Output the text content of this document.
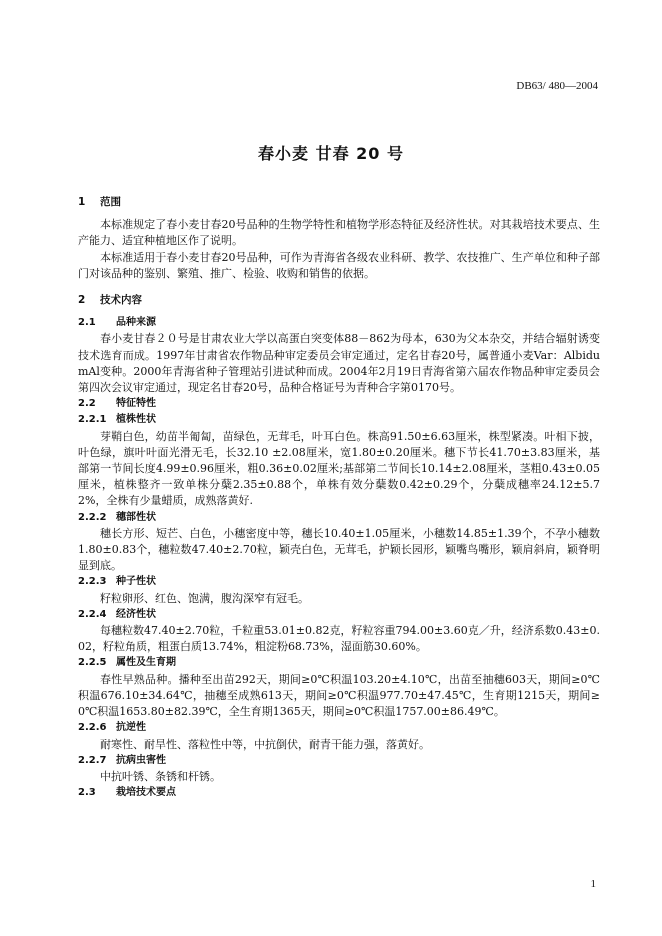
DB63/ 480—2004
春小麦 甘春 20 号

1 范围

本标准规定了春小麦甘春20号品种的生物学特性和植物学形态特征及经济性状。对其栽培技术要点、生产能力、适宜种植地区作了说明。

本标准适用于春小麦甘春20号品种，可作为青海省各级农业科研、教学、农技推广、生产单位和种子部门对该品种的鉴别、繁殖、推广、检验、收购和销售的依据。

2 技术内容

2.1 品种来源

春小麦甘春２０号是甘肃农业大学以高蛋白突变体88－862为母本，630为父本杂交，并结合辐射诱变技术选育而成。1997年甘肃省农作物品种审定委员会审定通过，定名甘春20号，属普通小麦Var：AlbidumAl变种。2000年青海省种子管理站引进试种而成。2004年2月19日青海省第六届农作物品种审定委员会第四次会议审定通过，现定名甘春20号，品种合格证号为青种合字第0170号。

2.2 特征特性

2.2.1 植株性状

芽鞘白色，幼苗半匍匐，苗绿色，无茸毛，叶耳白色。株高91.50±6.63厘米，株型紧凑。叶相下披，叶色绿，旗叶叶面光滑无毛，长32.10 ±2.08厘米，宽1.80±0.20厘米。穗下节长41.70±3.83厘米，基部第一节间长度4.99±0.96厘米，粗0.36±0.02厘米;基部第二节间长10.14±2.08厘米，茎粗0.43±0.05厘米，植株整齐一致单株分蘖2.35±0.88个，单株有效分蘖数0.42±0.29个，分蘖成穗率24.12±5.72%，全株有少量蜡质，成熟落黄好.

2.2.2 穗部性状

穗长方形、短芒、白色，小穗密度中等，穗长10.40±1.05厘米，小穗数14.85±1.39个，不孕小穗数1.80±0.83个，穗粒数47.40±2.70粒，颖壳白色，无茸毛，护颖长园形，颖嘴鸟嘴形，颖肩斜肩，颖脊明显到底。

2.2.3 种子性状

籽粒卵形、红色、饱满，腹沟深窄有冠毛。

2.2.4 经济性状

每穗粒数47.40±2.70粒，千粒重53.01±0.82克，籽粒容重794.00±3.60克／升，经济系数0.43±0.02，籽粒角质，粗蛋白质13.74%，粗淀粉68.73%，湿面筋30.60%。

2.2.5 属性及生育期

春性早熟品种。播种至出苗292天，期间≥0℃积温103.20±4.10℃，出苗至抽穗603天，期间≥0℃积温676.10±34.64℃，抽穗至成熟613天，期间≥0℃积温977.70±47.45℃，生育期1215天，期间≥0℃积温1653.80±82.39℃，全生育期1365天，期间≥0℃积温1757.00±86.49℃。

2.2.6 抗逆性

耐寒性、耐旱性、落粒性中等，中抗倒伏，耐青干能力强，落黄好。

2.2.7 抗病虫害性

中抗叶锈、条锈和杆锈。

2.3 栽培技术要点

1
